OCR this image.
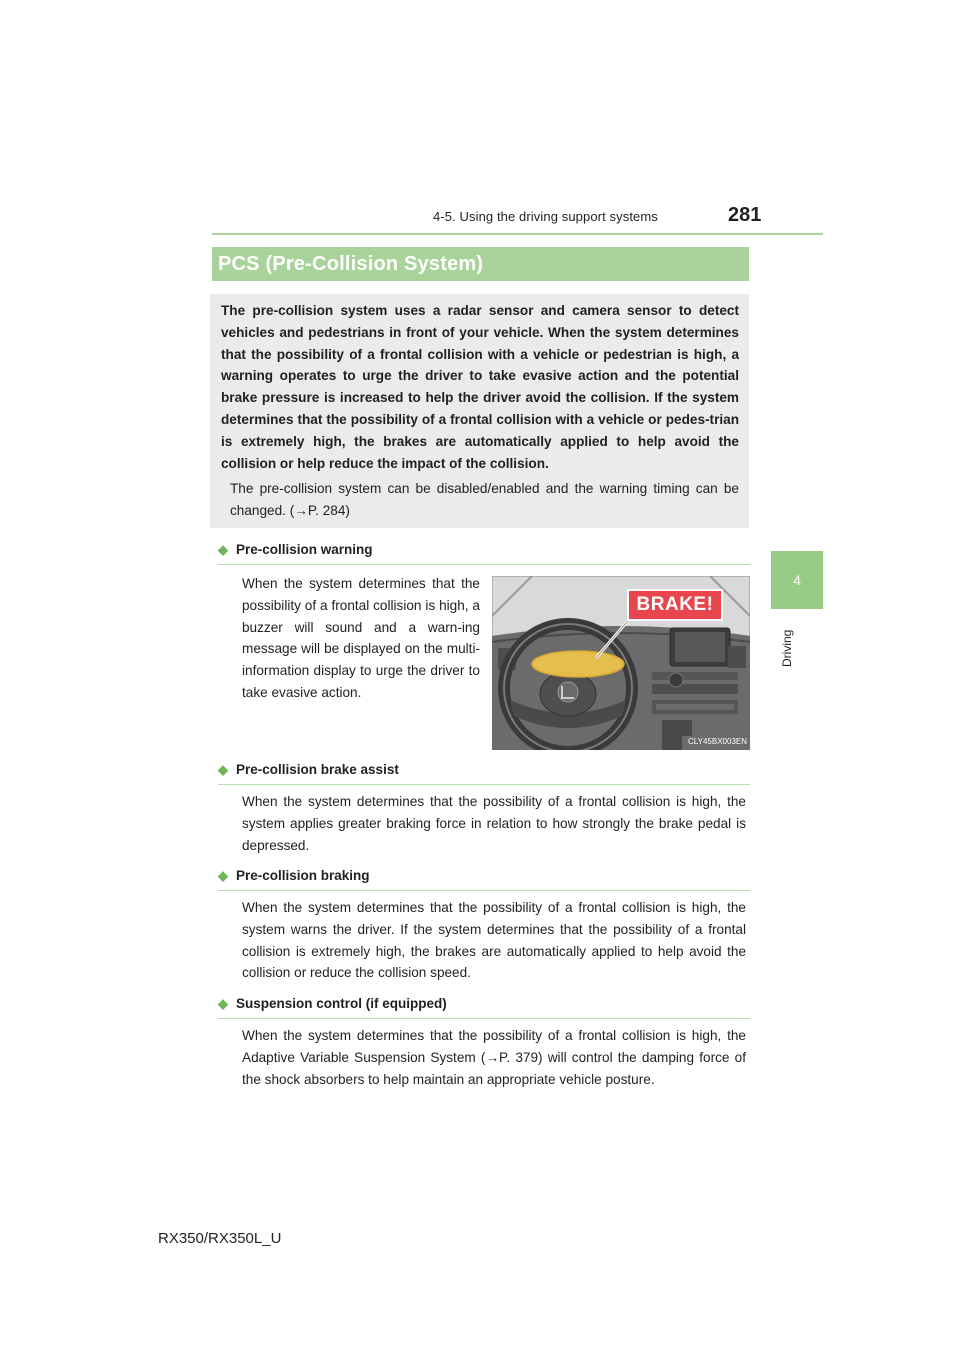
4-5. Using the driving support systems	281
4
Driving
PCS (Pre-Collision System)
The pre-collision system uses a radar sensor and camera sensor to detect vehicles and pedestrians in front of your vehicle. When the system determines that the possibility of a frontal collision with a vehicle or pedestrian is high, a warning operates to urge the driver to take evasive action and the potential brake pressure is increased to help the driver avoid the collision. If the system determines that the possibility of a frontal collision with a vehicle or pedes-trian is extremely high, the brakes are automatically applied to help avoid the collision or help reduce the impact of the collision.
The pre-collision system can be disabled/enabled and the warning timing can be changed. (→P. 284)
◆ Pre-collision warning
When the system determines that the possibility of a frontal collision is high, a buzzer will sound and a warn-ing message will be displayed on the multi-information display to urge the driver to take evasive action.
BRAKE!
CLY45BX003EN
◆ Pre-collision brake assist
When the system determines that the possibility of a frontal collision is high, the system applies greater braking force in relation to how strongly the brake pedal is depressed.
◆ Pre-collision braking
When the system determines that the possibility of a frontal collision is high, the system warns the driver. If the system determines that the possibility of a frontal collision is extremely high, the brakes are automatically applied to help avoid the collision or reduce the collision speed.
◆ Suspension control (if equipped)
When the system determines that the possibility of a frontal collision is high, the Adaptive Variable Suspension System (→P. 379) will control the damping force of the shock absorbers to help maintain an appropriate vehicle posture.
RX350/RX350L_U
